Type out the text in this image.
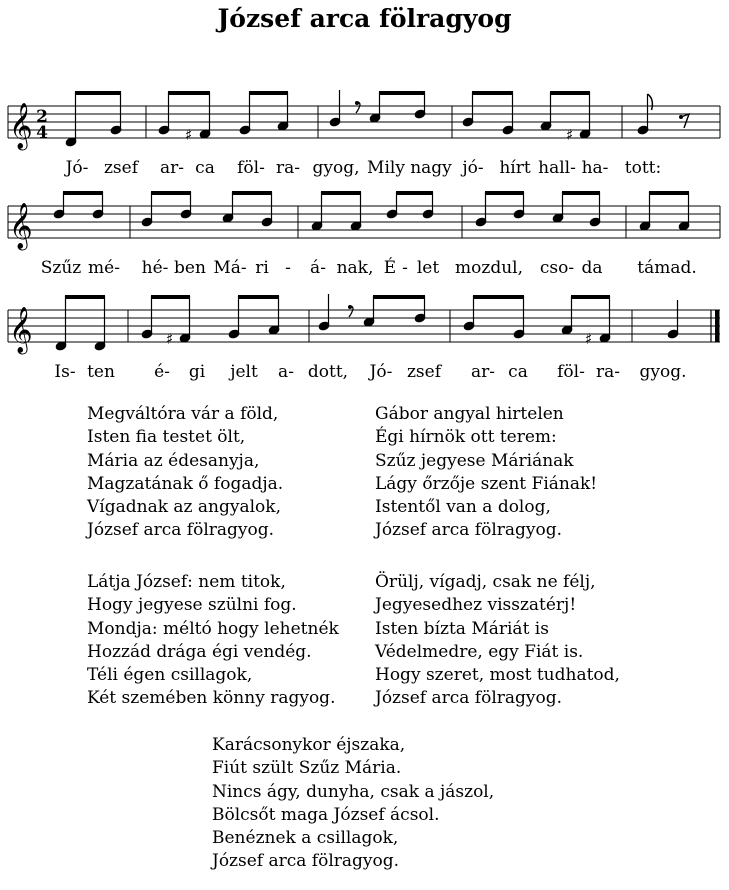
József arca fölragyog
𝄞 2
4	♯	♯
Jó- zsef ar- ca föl- ra- gyog, Mily nagy jó- hírt hall- ha- tott:
𝄞
Szűz mé- hé- ben Má- ri - á- nak, É - let mozdul, cso- da támad.
𝄞	♯	♯
Is- ten é- gi jelt a- dott, Jó- zsef ar- ca föl- ra- gyog.
Megváltóra vár a föld,
Isten fia testet ölt,
Mária az édesanyja,
Magzatának ő fogadja.
Vígadnak az angyalok,
József arca fölragyog.
Gábor angyal hirtelen
Égi hírnök ott terem:
Szűz jegyese Máriának
Lágy őrzője szent Fiának!
Istentől van a dolog,
József arca fölragyog.
Látja József: nem titok,
Hogy jegyese szülni fog.
Mondja: méltó hogy lehetnék
Hozzád drága égi vendég.
Téli égen csillagok,
Két szemében könny ragyog.
Örülj, vígadj, csak ne félj,
Jegyesedhez visszatérj!
Isten bízta Máriát is
Védelmedre, egy Fiát is.
Hogy szeret, most tudhatod,
József arca fölragyog.
Karácsonykor éjszaka,
Fiút szült Szűz Mária.
Nincs ágy, dunyha, csak a jászol,
Bölcsőt maga József ácsol.
Benéznek a csillagok,
József arca fölragyog.
